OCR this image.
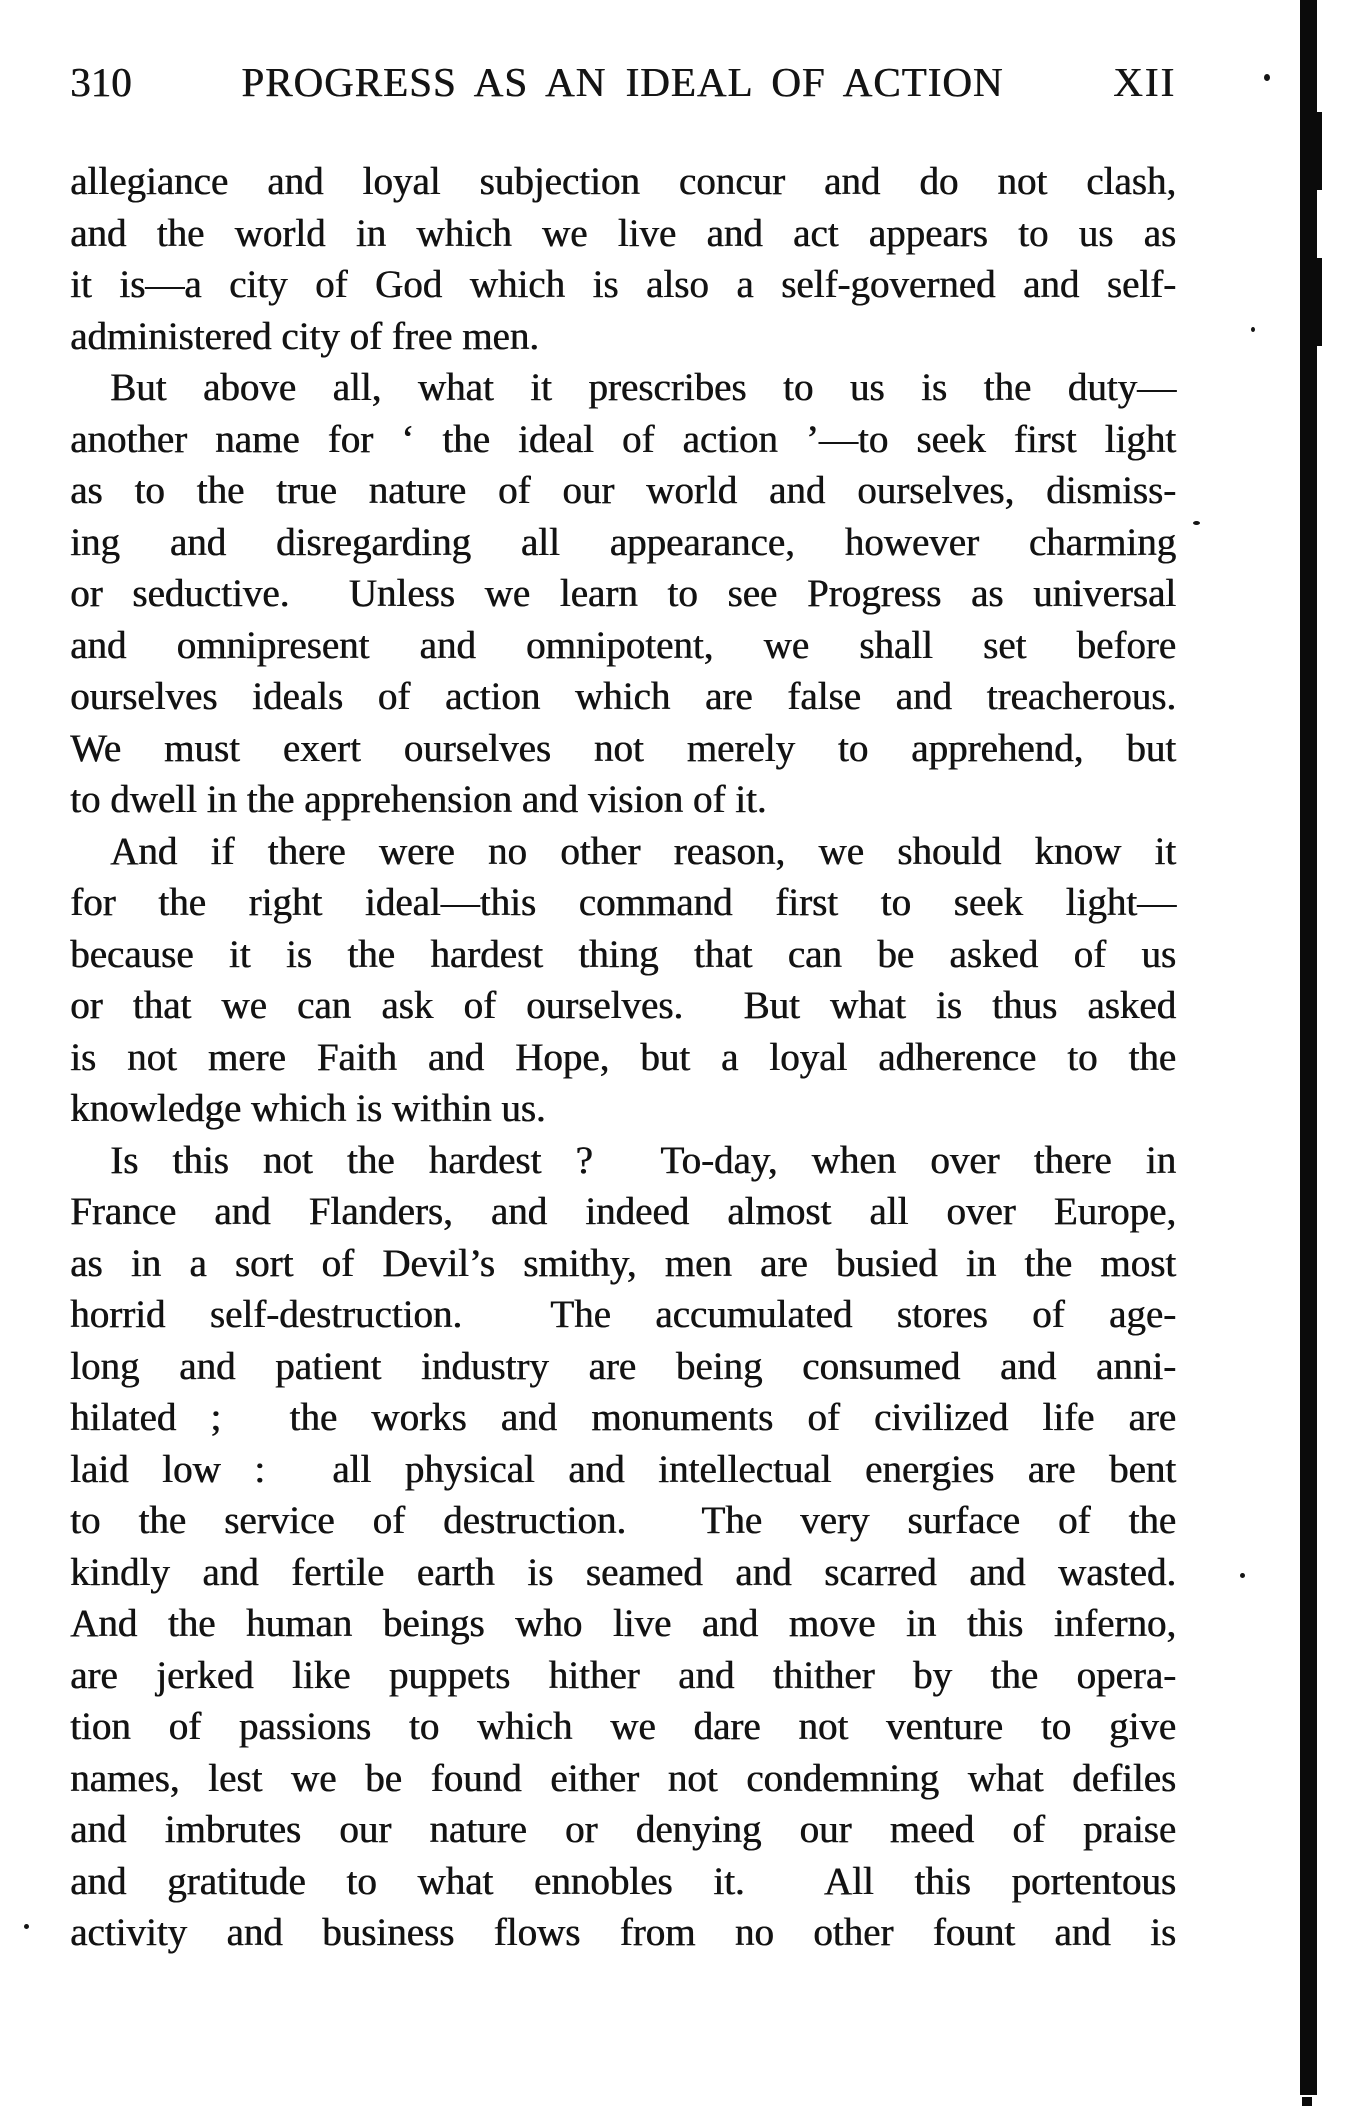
310	PROGRESS AS AN IDEAL OF ACTION	XII
allegiance and loyal subjection concur and do not clash,
and the world in which we live and act appears to us as
it is—a city of God which is also a self-governed and self-
administered city of free men.
But above all, what it prescribes to us is the duty—
another name for ‘ the ideal of action ’—to seek first light
as to the true nature of our world and ourselves, dismiss-
ing and disregarding all appearance, however charming
or seductive.  Unless we learn to see Progress as universal
and omnipresent and omnipotent, we shall set before
ourselves ideals of action which are false and treacherous.
We must exert ourselves not merely to apprehend, but
to dwell in the apprehension and vision of it.
And if there were no other reason, we should know it
for the right ideal—this command first to seek light—
because it is the hardest thing that can be asked of us
or that we can ask of ourselves.  But what is thus asked
is not mere Faith and Hope, but a loyal adherence to the
knowledge which is within us.
Is this not the hardest ?  To-day, when over there in
France and Flanders, and indeed almost all over Europe,
as in a sort of Devil’s smithy, men are busied in the most
horrid self-destruction.  The accumulated stores of age-
long and patient industry are being consumed and anni-
hilated ;  the works and monuments of civilized life are
laid low :  all physical and intellectual energies are bent
to the service of destruction.  The very surface of the
kindly and fertile earth is seamed and scarred and wasted.
And the human beings who live and move in this inferno,
are jerked like puppets hither and thither by the opera-
tion of passions to which we dare not venture to give
names, lest we be found either not condemning what defiles
and imbrutes our nature or denying our meed of praise
and gratitude to what ennobles it.  All this portentous
activity and business flows from no other fount and is
